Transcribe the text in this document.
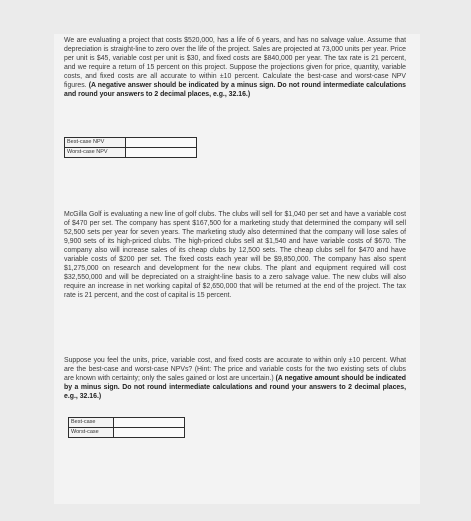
We are evaluating a project that costs $520,000, has a life of 6 years, and has no salvage value. Assume that depreciation is straight-line to zero over the life of the project. Sales are projected at 73,000 units per year. Price per unit is $45, variable cost per unit is $30, and fixed costs are $840,000 per year. The tax rate is 21 percent, and we require a return of 15 percent on this project. Suppose the projections given for price, quantity, variable costs, and fixed costs are all accurate to within ±10 percent. Calculate the best-case and worst-case NPV figures. (A negative answer should be indicated by a minus sign. Do not round intermediate calculations and round your answers to 2 decimal places, e.g., 32.16.)

Best-case NPV	

Worst-case NPV	

McGilla Golf is evaluating a new line of golf clubs. The clubs will sell for $1,040 per set and have a variable cost of $470 per set. The company has spent $167,500 for a marketing study that determined the company will sell 52,500 sets per year for seven years. The marketing study also determined that the company will lose sales of 9,900 sets of its high-priced clubs. The high-priced clubs sell at $1,540 and have variable costs of $670. The company also will increase sales of its cheap clubs by 12,500 sets. The cheap clubs sell for $470 and have variable costs of $200 per set. The fixed costs each year will be $9,850,000. The company has also spent $1,275,000 on research and development for the new clubs. The plant and equipment required will cost $32,550,000 and will be depreciated on a straight-line basis to a zero salvage value. The new clubs will also require an increase in net working capital of $2,650,000 that will be returned at the end of the project. The tax rate is 21 percent, and the cost of capital is 15 percent.

Suppose you feel the units, price, variable cost, and fixed costs are accurate to within only ±10 percent. What are the best-case and worst-case NPVs? (Hint: The price and variable costs for the two existing sets of clubs are known with certainty; only the sales gained or lost are uncertain.) (A negative amount should be indicated by a minus sign. Do not round intermediate calculations and round your answers to 2 decimal places, e.g., 32.16.)

Best-case	

Worst-case	
